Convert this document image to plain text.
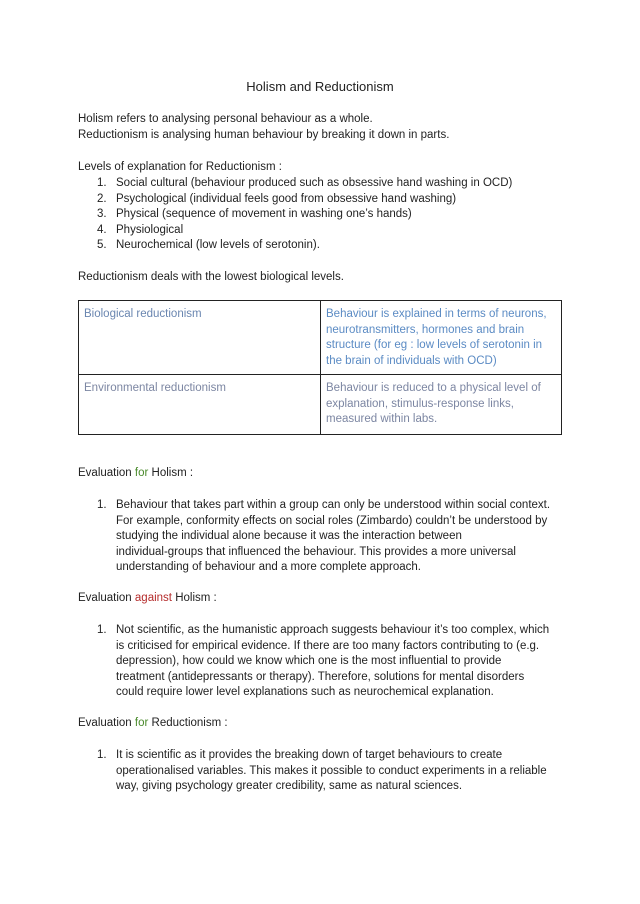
Holism and Reductionism
Holism refers to analysing personal behaviour as a whole.
Reductionism is analysing human behaviour by breaking it down in parts.
Levels of explanation for Reductionism :
1. Social cultural (behaviour produced such as obsessive hand washing in OCD)
2. Psychological (individual feels good from obsessive hand washing)
3. Physical (sequence of movement in washing one’s hands)
4. Physiological
5. Neurochemical (low levels of serotonin).
Reductionism deals with the lowest biological levels.
Biological reductionism	Behaviour is explained in terms of neurons,
neurotransmitters, hormones and brain
structure (for eg : low levels of serotonin in
the brain of individuals with OCD)

Environmental reductionism	Behaviour is reduced to a physical level of
explanation, stimulus-response links,
measured within labs.
Evaluation for Holism :
1. Behaviour that takes part within a group can only be understood within social context.
For example, conformity effects on social roles (Zimbardo) couldn’t be understood by
studying the individual alone because it was the interaction between
individual-groups that influenced the behaviour. This provides a more universal
understanding of behaviour and a more complete approach.
Evaluation against Holism :
1. Not scientific, as the humanistic approach suggests behaviour it’s too complex, which
is criticised for empirical evidence. If there are too many factors contributing to (e.g.
depression), how could we know which one is the most influential to provide
treatment (antidepressants or therapy). Therefore, solutions for mental disorders
could require lower level explanations such as neurochemical explanation.
Evaluation for Reductionism :
1. It is scientific as it provides the breaking down of target behaviours to create
operationalised variables. This makes it possible to conduct experiments in a reliable
way, giving psychology greater credibility, same as natural sciences.
